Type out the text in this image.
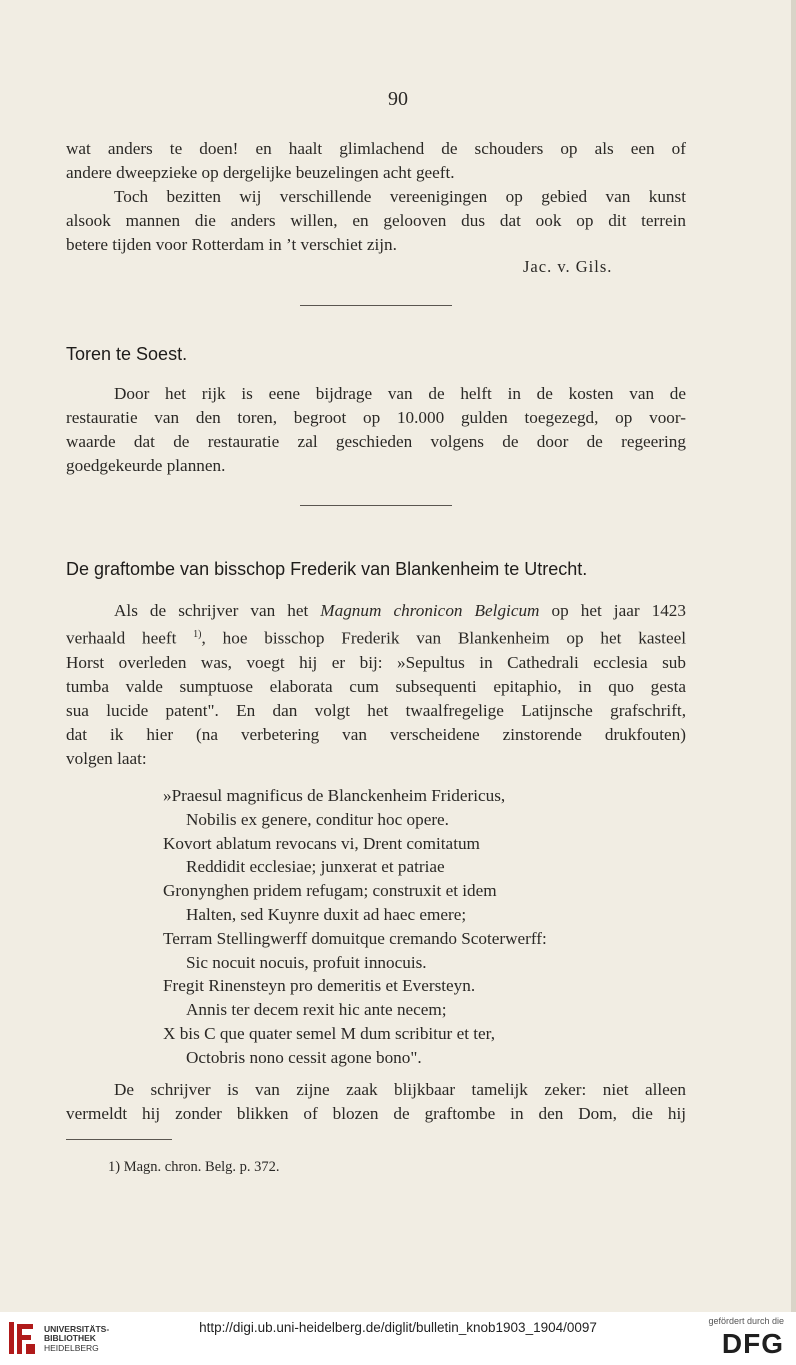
90
wat anders te doen! en haalt glimlachend de schouders op als een of
andere dweepzieke op dergelijke beuzelingen acht geeft.
Toch bezitten wij verschillende vereenigingen op gebied van kunst
alsook mannen die anders willen, en gelooven dus dat ook op dit terrein
betere tijden voor Rotterdam in ’t verschiet zijn.
Jac. v. Gils.
Toren te Soest.
Door het rijk is eene bijdrage van de helft in de kosten van de
restauratie van den toren, begroot op 10.000 gulden toegezegd, op voor-
waarde dat de restauratie zal geschieden volgens de door de regeering
goedgekeurde plannen.
De graftombe van bisschop Frederik van Blankenheim te Utrecht.
Als de schrijver van het Magnum chronicon Belgicum op het jaar 1423
verhaald heeft $^{1)}$, hoe bisschop Frederik van Blankenheim op het kasteel
Horst overleden was, voegt hij er bij: »Sepultus in Cathedrali ecclesia sub
tumba valde sumptuose elaborata cum subsequenti epitaphio, in quo gesta
sua lucide patent". En dan volgt het twaalfregelige Latijnsche grafschrift,
dat ik hier (na verbetering van verscheidene zinstorende drukfouten)
volgen laat:
»Praesul magnificus de Blanckenheim Fridericus,
Nobilis ex genere, conditur hoc opere.
Kovort ablatum revocans vi, Drent comitatum
Reddidit ecclesiae; junxerat et patriae
Gronynghen pridem refugam; construxit et idem
Halten, sed Kuynre duxit ad haec emere;
Terram Stellingwerff domuitque cremando Scoterwerff:
Sic nocuit nocuis, profuit innocuis.
Fregit Rinensteyn pro demeritis et Eversteyn.
Annis ter decem rexit hic ante necem;
X bis C que quater semel M dum scribitur et ter,
Octobris nono cessit agone bono".
De schrijver is van zijne zaak blijkbaar tamelijk zeker: niet alleen
vermeldt hij zonder blikken of blozen de graftombe in den Dom, die hij
1) Magn. chron. Belg. p. 372.
UNIVERSITÄTS-
BIBLIOTHEK
HEIDELBERG
http://digi.ub.uni-heidelberg.de/diglit/bulletin_knob1903_1904/0097	gefördert durch die
DFG
